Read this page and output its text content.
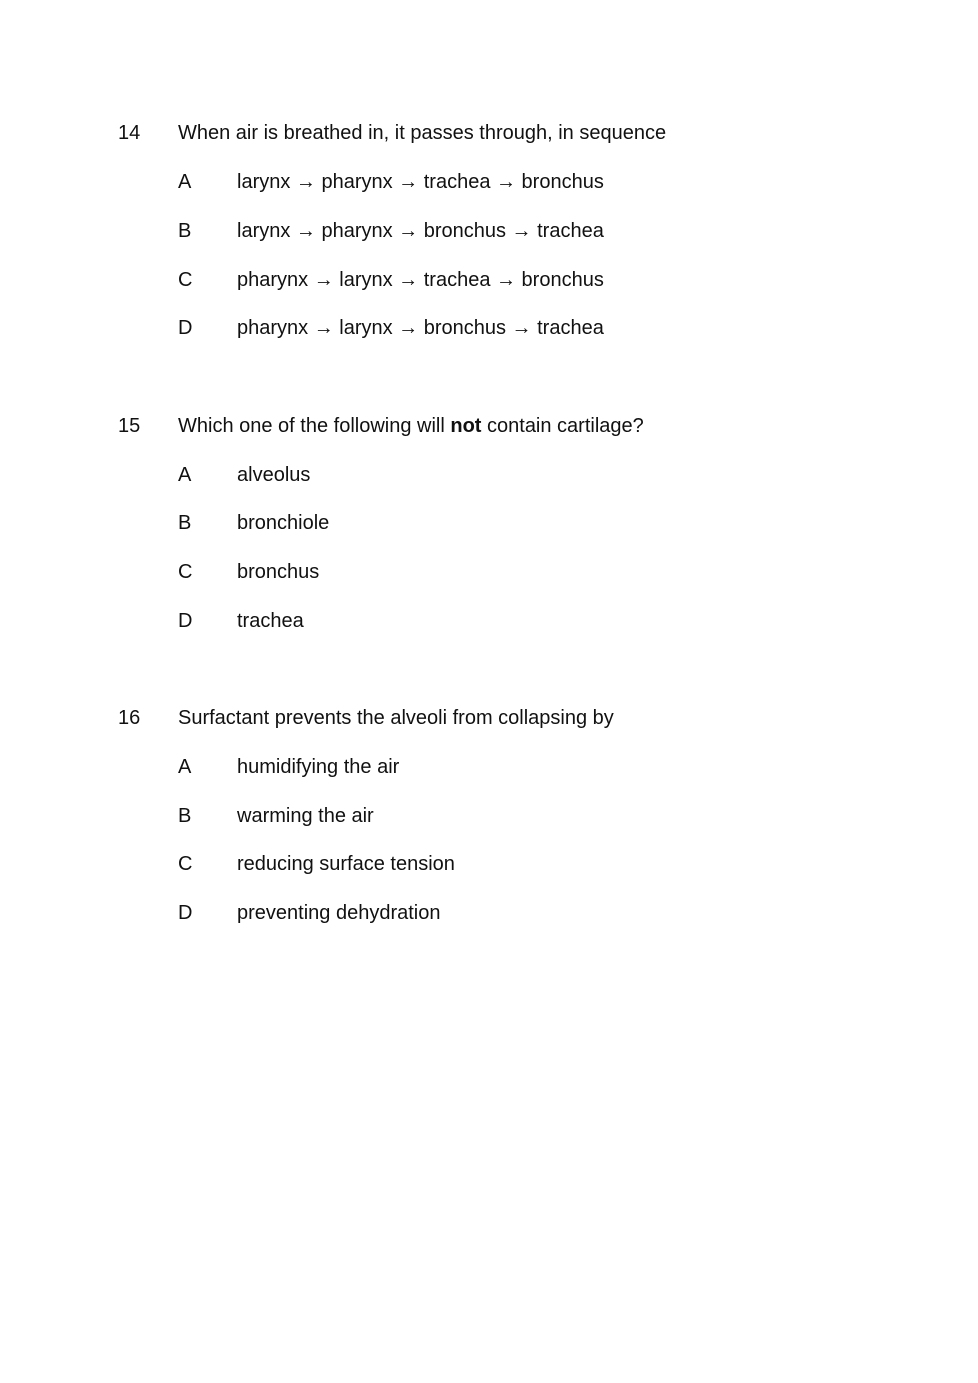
14 When air is breathed in, it passes through, in sequence
A larynx → pharynx → trachea → bronchus
B larynx → pharynx → bronchus → trachea
C pharynx → larynx → trachea → bronchus
D pharynx → larynx → bronchus → trachea
15 Which one of the following will not contain cartilage?
A alveolus
B bronchiole
C bronchus
D trachea
16 Surfactant prevents the alveoli from collapsing by
A humidifying the air
B warming the air
C reducing surface tension
D preventing dehydration
